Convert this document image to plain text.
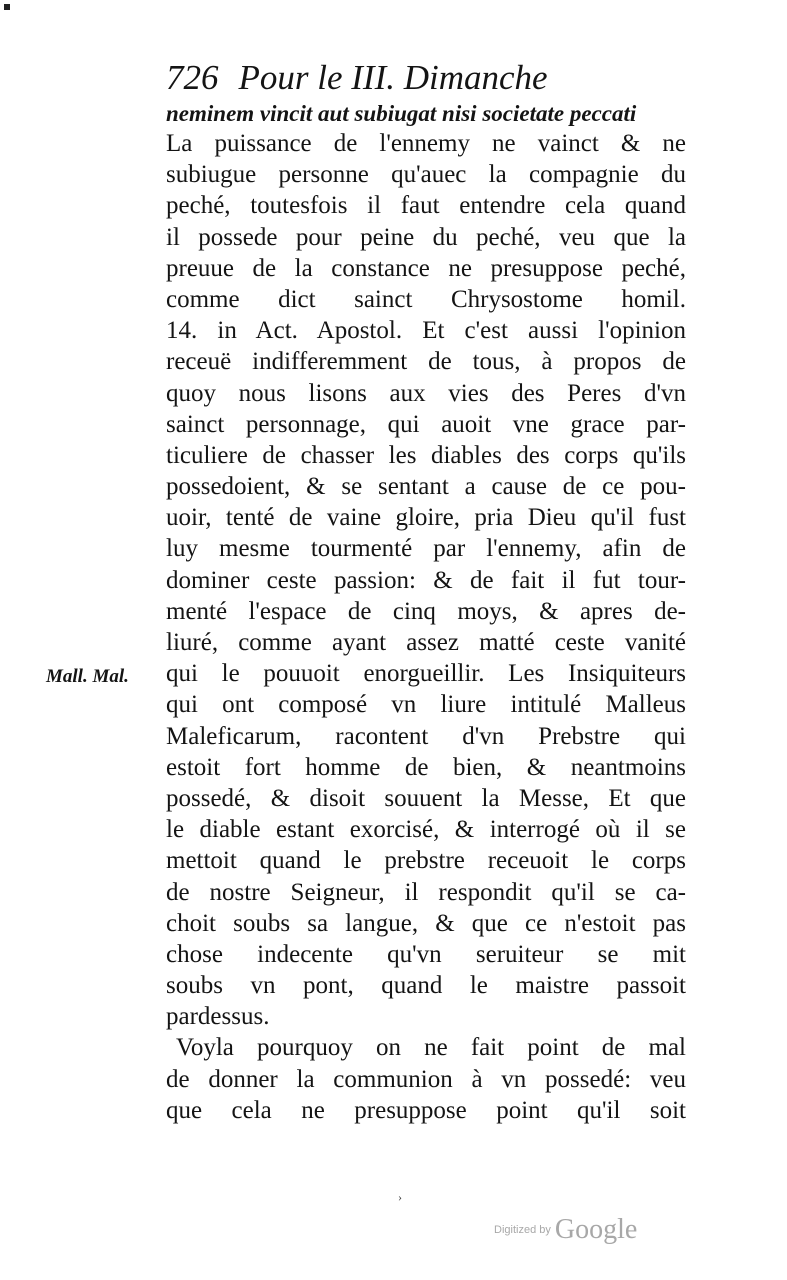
726 Pour le III. Dimanche
neminem vincit aut subiugat nisi societate peccati
Mall. Mal.
La puissance de l'ennemy ne vainct & ne
subiugue personne qu'auec la compagnie du
peché, toutesfois il faut entendre cela quand
il possede pour peine du peché, veu que la
preuue de la constance ne presuppose peché,
comme dict sainct Chrysostome homil.
14. in Act. Apostol. Et c'est aussi l'opinion
receuë indifferemment de tous, à propos de
quoy nous lisons aux vies des Peres d'vn
sainct personnage, qui auoit vne grace par-
ticuliere de chasser les diables des corps qu'ils
possedoient, & se sentant a cause de ce pou-
uoir, tenté de vaine gloire, pria Dieu qu'il fust
luy mesme tourmenté par l'ennemy, afin de
dominer ceste passion: & de fait il fut tour-
menté l'espace de cinq moys, & apres de-
liuré, comme ayant assez matté ceste vanité
qui le pouuoit enorgueillir. Les Insiquiteurs
qui ont composé vn liure intitulé Malleus
Maleficarum, racontent d'vn Prebstre qui
estoit fort homme de bien, & neantmoins
possedé, & disoit souuent la Messe, Et que
le diable estant exorcisé, & interrogé où il se
mettoit quand le prebstre receuoit le corps
de nostre Seigneur, il respondit qu'il se ca-
choit soubs sa langue, & que ce n'estoit pas
chose indecente qu'vn seruiteur se mit
soubs vn pont, quand le maistre passoit
pardessus.
Voyla pourquoy on ne fait point de mal
de donner la communion à vn possedé: veu
que cela ne presuppose point qu'il soit
›
Digitized by Google
